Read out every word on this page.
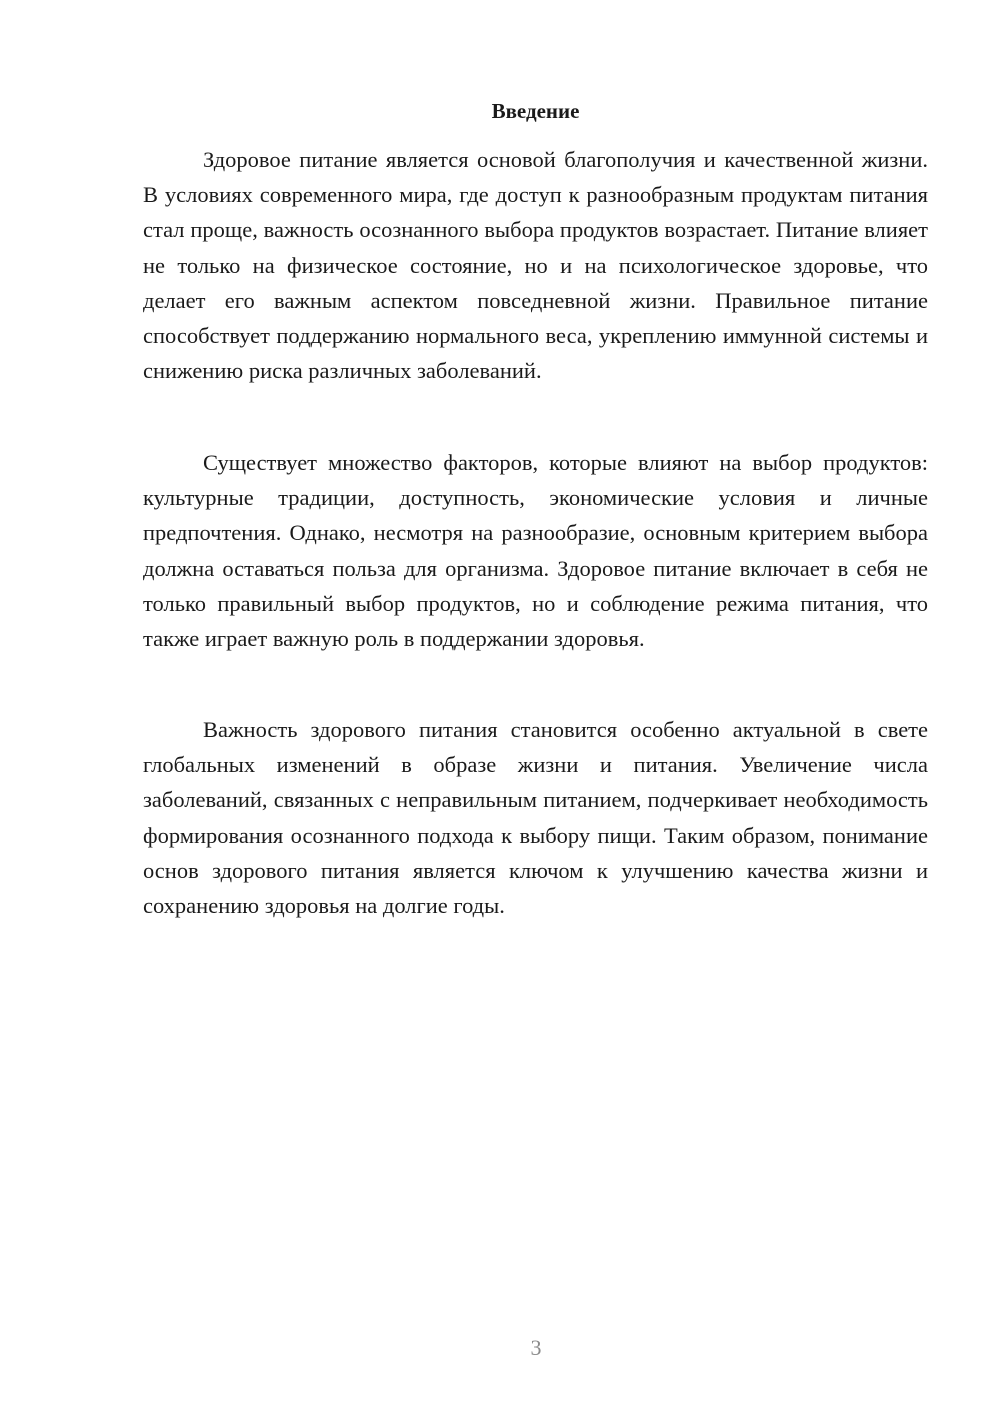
Введение

Здоровое питание является основой благополучия и качественной жизни. В условиях современного мира, где доступ к разнообразным продуктам питания стал проще, важность осознанного выбора продуктов возрастает. Питание влияет не только на физическое состояние, но и на психологическое здоровье, что делает его важным аспектом повседневной жизни. Правильное питание способствует поддержанию нормального веса, укреплению иммунной системы и снижению риска различных заболеваний.

Существует множество факторов, которые влияют на выбор продуктов: культурные традиции, доступность, экономические условия и личные предпочтения. Однако, несмотря на разнообразие, основным критерием выбора должна оставаться польза для организма. Здоровое питание включает в себя не только правильный выбор продуктов, но и соблюдение режима питания, что также играет важную роль в поддержании здоровья.

Важность здорового питания становится особенно актуальной в свете глобальных изменений в образе жизни и питания. Увеличение числа заболеваний, связанных с неправильным питанием, подчеркивает необходимость формирования осознанного подхода к выбору пищи. Таким образом, понимание основ здорового питания является ключом к улучшению качества жизни и сохранению здоровья на долгие годы.

3
